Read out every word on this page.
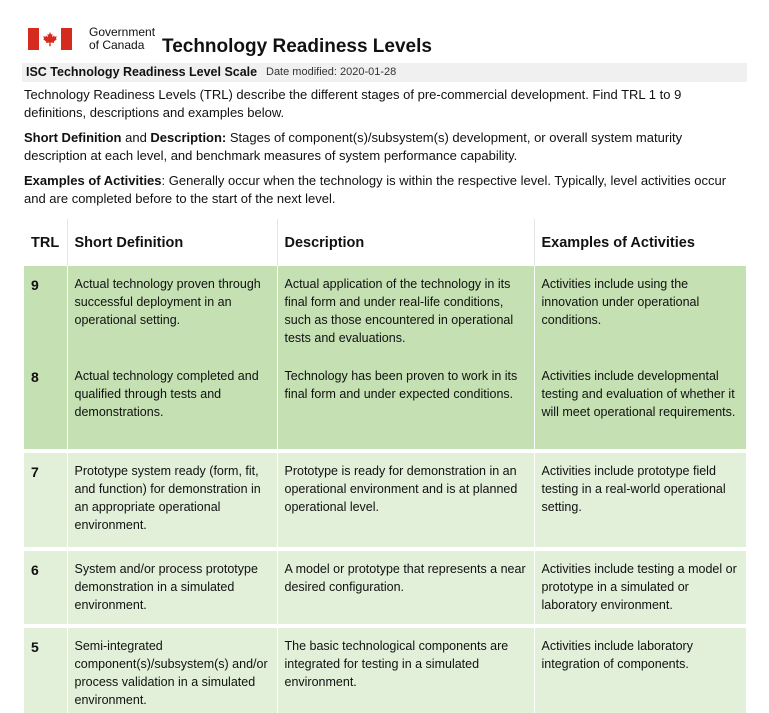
Government
of Canada Technology Readiness Levels
ISC Technology Readiness Level Scale Date modified: 2020-01-28
Technology Readiness Levels (TRL) describe the different stages of pre-commercial development. Find TRL 1 to 9 definitions, descriptions and examples below.
Short Definition and Description: Stages of component(s)/subsystem(s) development, or overall system maturity description at each level, and benchmark measures of system performance capability.
Examples of Activities: Generally occur when the technology is within the respective level. Typically, level activities occur and are completed before to the start of the next level.
TRL	Short Definition	Description	Examples of Activities
9	Actual technology proven through successful deployment in an operational setting.	Actual application of the technology in its final form and under real-life conditions, such as those encountered in operational tests and evaluations.	Activities include using the innovation under operational conditions.
8	Actual technology completed and qualified through tests and demonstrations.	Technology has been proven to work in its final form and under expected conditions.	Activities include developmental testing and evaluation of whether it will meet operational requirements.

7	Prototype system ready (form, fit, and function) for demonstration in an appropriate operational environment.	Prototype is ready for demonstration in an operational environment and is at planned operational level.	Activities include prototype field testing in a real-world operational setting.

6	System and/or process prototype demonstration in a simulated environment.	A model or prototype that represents a near desired configuration.	Activities include testing a model or prototype in a simulated or laboratory environment.

5	Semi-integrated component(s)/subsystem(s) and/or process validation in a simulated environment.	The basic technological components are integrated for testing in a simulated environment.	Activities include laboratory integration of components.
